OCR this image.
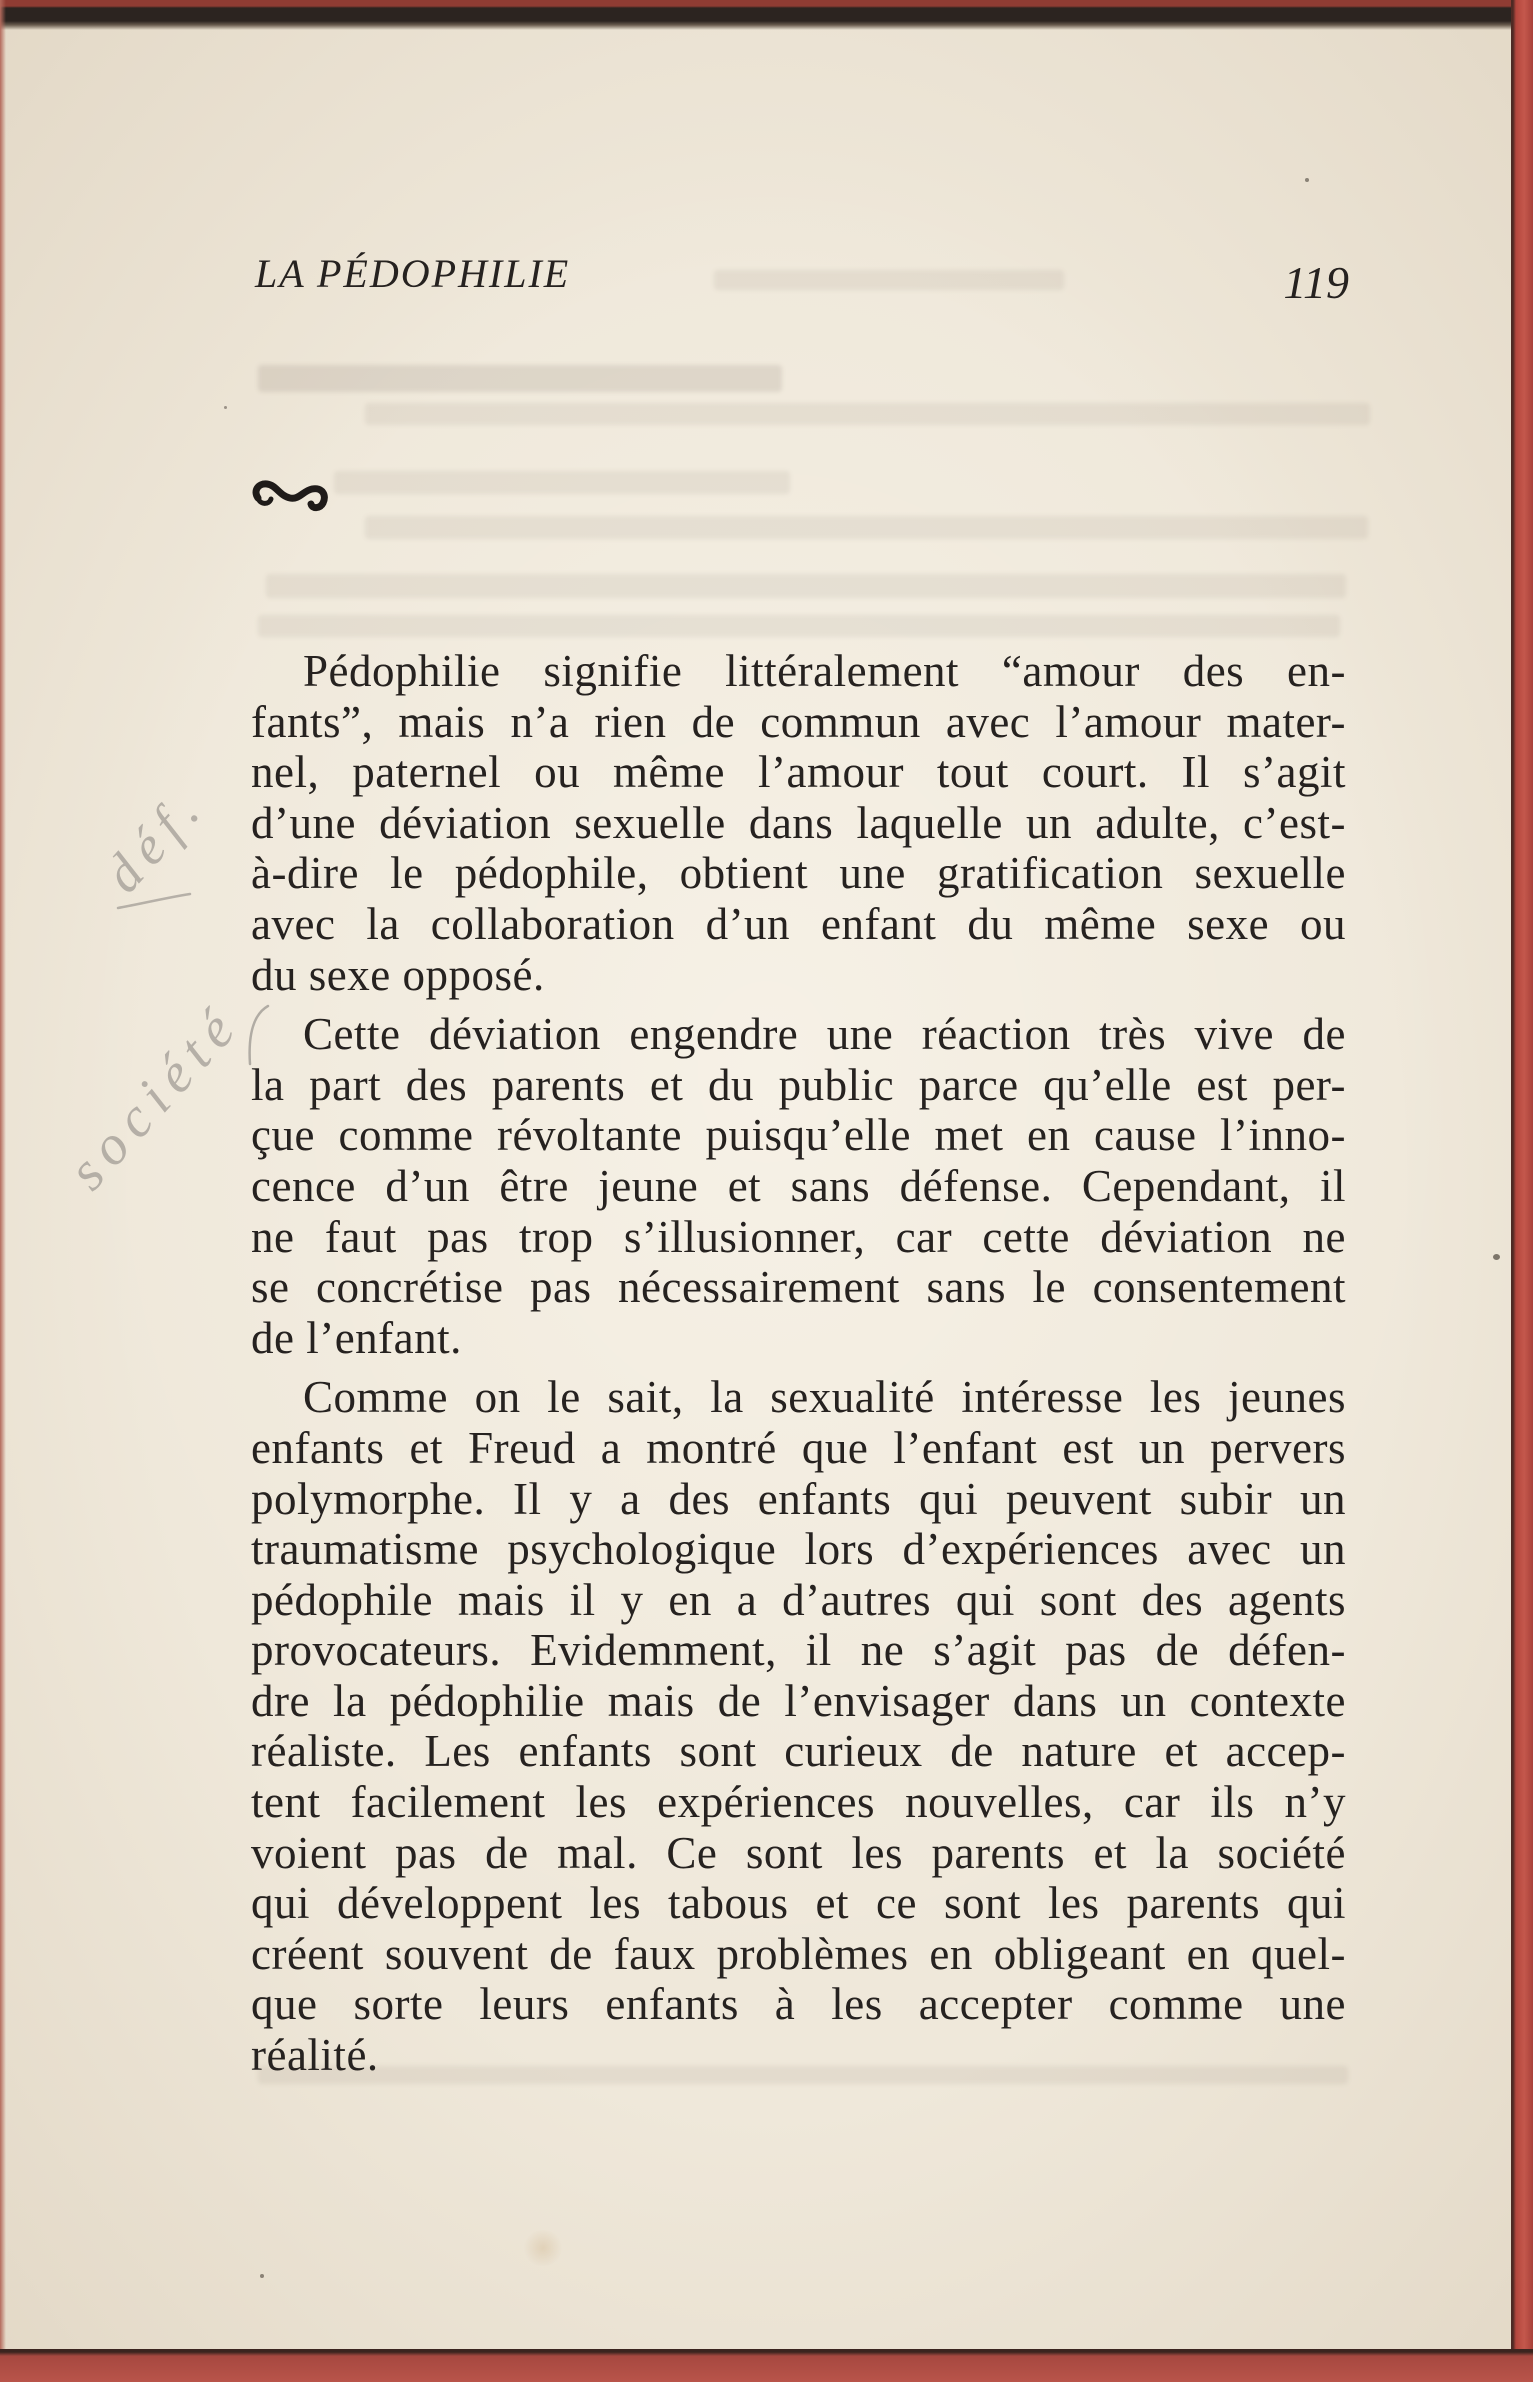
LA PÉDOPHILIE	119
Pédophilie signifie littéralement “amour des en-
fants”, mais n’a rien de commun avec l’amour mater-
nel, paternel ou même l’amour tout court. Il s’agit
d’une déviation sexuelle dans laquelle un adulte, c’est-
à-dire le pédophile, obtient une gratification sexuelle
avec la collaboration d’un enfant du même sexe ou
du sexe opposé.
Cette déviation engendre une réaction très vive de
la part des parents et du public parce qu’elle est per-
çue comme révoltante puisqu’elle met en cause l’inno-
cence d’un être jeune et sans défense. Cependant, il
ne faut pas trop s’illusionner, car cette déviation ne
se concrétise pas nécessairement sans le consentement
de l’enfant.
Comme on le sait, la sexualité intéresse les jeunes
enfants et Freud a montré que l’enfant est un pervers
polymorphe. Il y a des enfants qui peuvent subir un
traumatisme psychologique lors d’expériences avec un
pédophile mais il y en a d’autres qui sont des agents
provocateurs. Evidemment, il ne s’agit pas de défen-
dre la pédophilie mais de l’envisager dans un contexte
réaliste. Les enfants sont curieux de nature et accep-
tent facilement les expériences nouvelles, car ils n’y
voient pas de mal. Ce sont les parents et la société
qui développent les tabous et ce sont les parents qui
créent souvent de faux problèmes en obligeant en quel-
que sorte leurs enfants à les accepter comme une
réalité.
déf.
société
